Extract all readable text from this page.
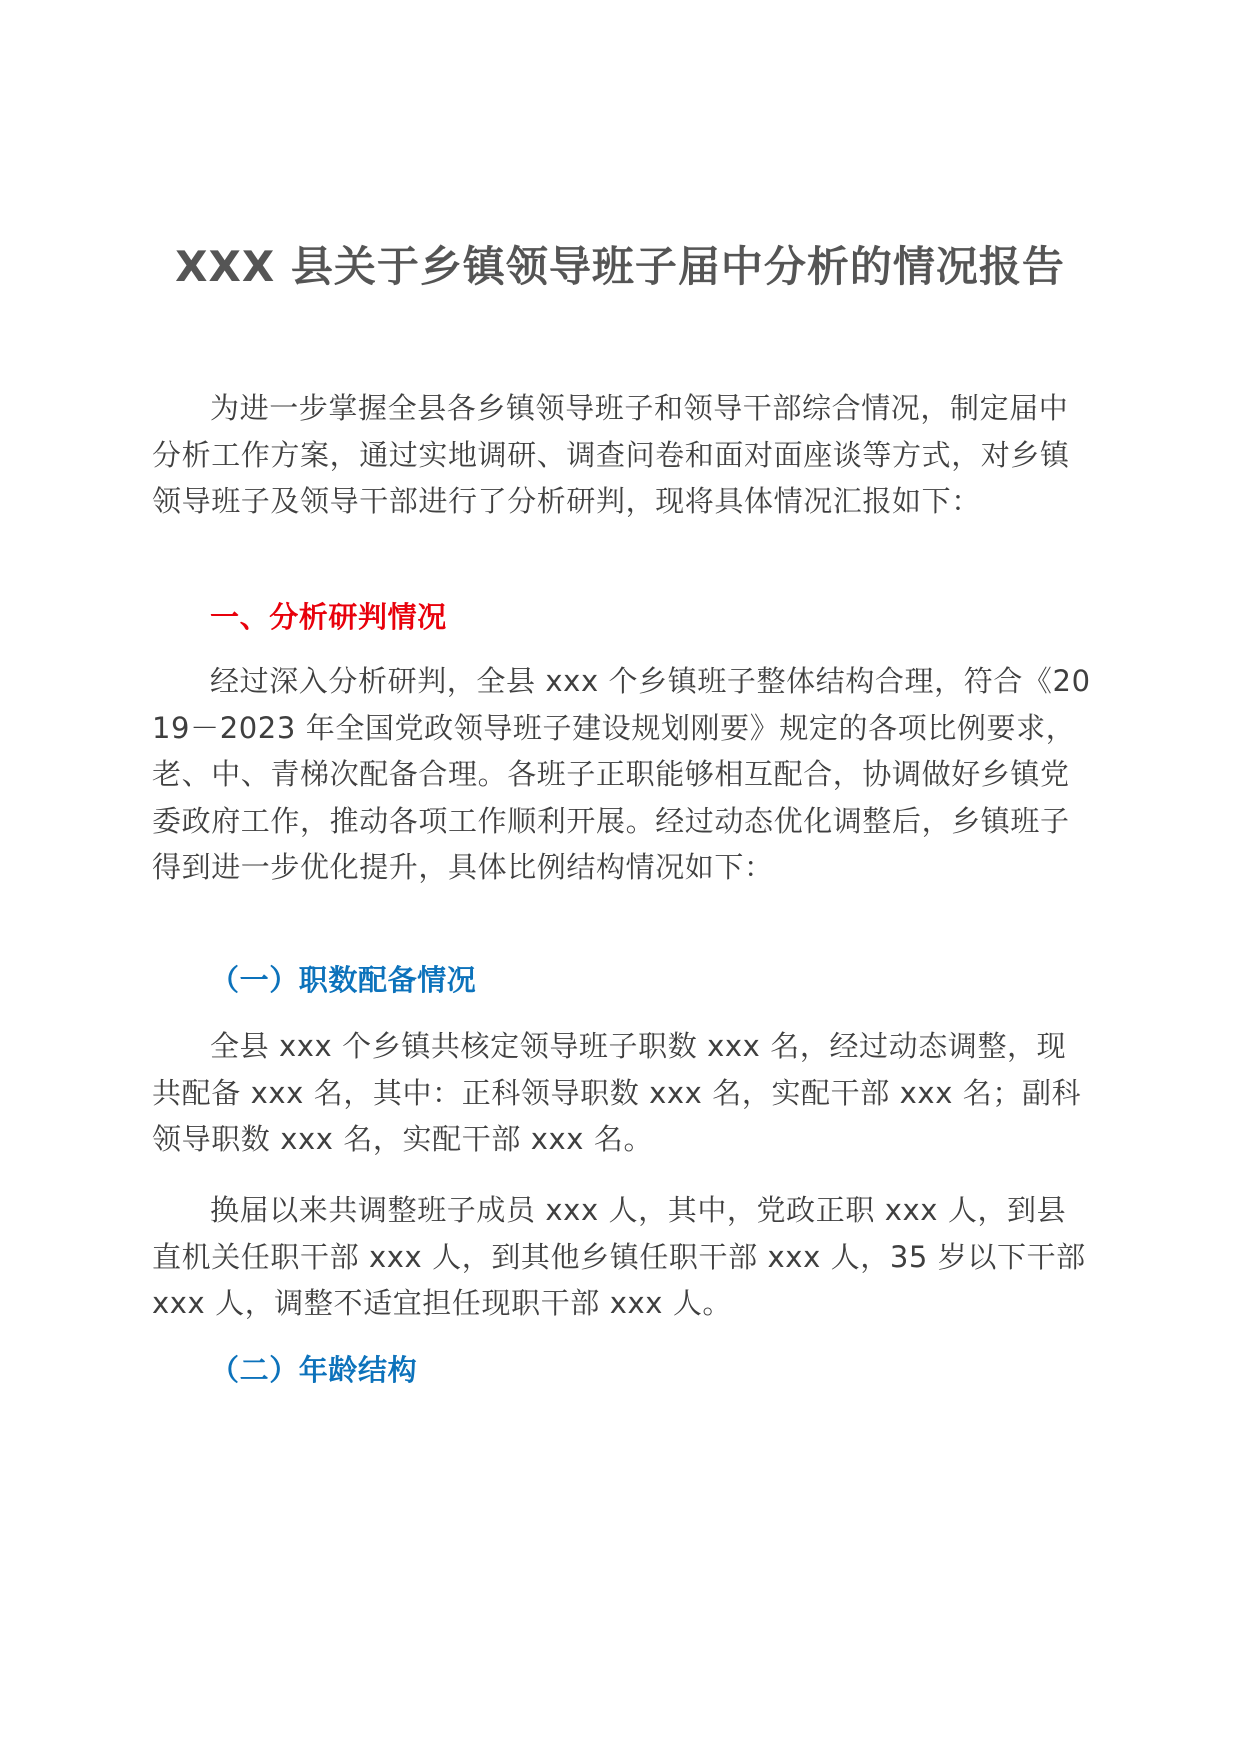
XXX 县关于乡镇领导班子届中分析的情况报告

为进一步掌握全县各乡镇领导班子和领导干部综合情况，制定届中分析工作方案，通过实地调研、调查问卷和面对面座谈等方式，对乡镇领导班子及领导干部进行了分析研判，现将具体情况汇报如下：

一、分析研判情况

经过深入分析研判，全县 xxx 个乡镇班子整体结构合理，符合《2019－2023 年全国党政领导班子建设规划刚要》规定的各项比例要求，老、中、青梯次配备合理。各班子正职能够相互配合，协调做好乡镇党委政府工作，推动各项工作顺利开展。经过动态优化调整后，乡镇班子得到进一步优化提升，具体比例结构情况如下：

（一）职数配备情况

全县 xxx 个乡镇共核定领导班子职数 xxx 名，经过动态调整，现共配备 xxx 名，其中：正科领导职数 xxx 名，实配干部 xxx 名；副科领导职数 xxx 名，实配干部 xxx 名。

换届以来共调整班子成员 xxx 人，其中，党政正职 xxx 人，到县直机关任职干部 xxx 人，到其他乡镇任职干部 xxx 人，35 岁以下干部 xxx 人，调整不适宜担任现职干部 xxx 人。

（二）年龄结构
